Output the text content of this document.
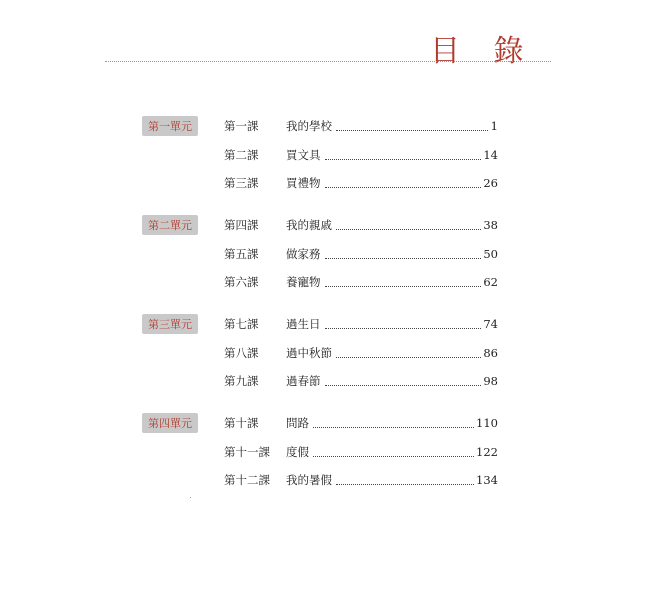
目 錄
第一單元	第一課	我的學校	1
第二課	買文具	14
第三課	買禮物	26
第二單元	第四課	我的親戚	38
第五課	做家務	50
第六課	養寵物	62
第三單元	第七課	過生日	74
第八課	過中秋節	86
第九課	過春節	98
第四單元	第十課	問路	110
第十一課	度假	122
第十二課	我的暑假	134
